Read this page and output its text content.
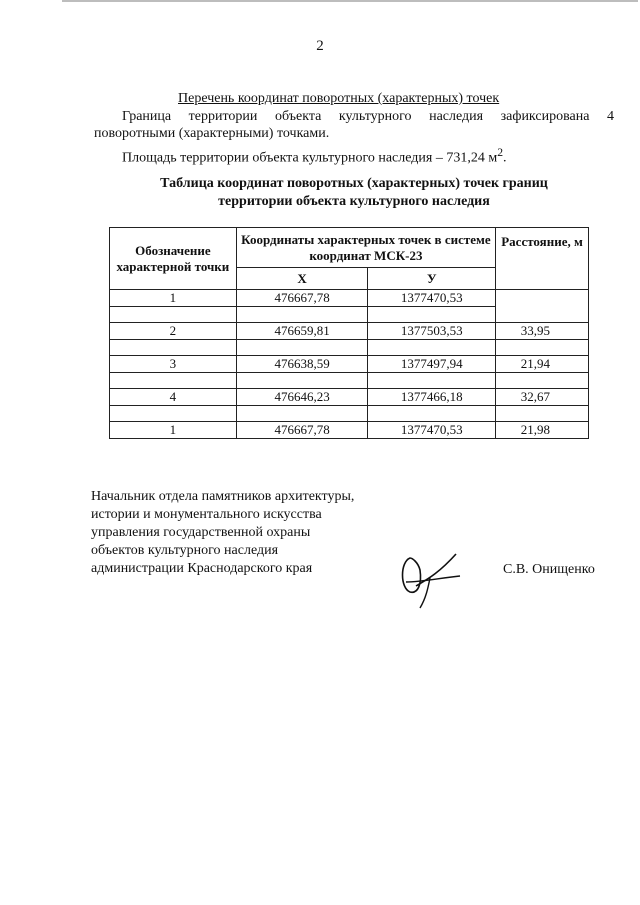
2
Перечень координат поворотных (характерных) точек
Граница территории объекта культурного наследия зафиксирована 4 поворотными (характерными) точками.
Площадь территории объекта культурного наследия – 731,24 $м^2$.
Таблица координат поворотных (характерных) точек границ
территории объекта культурного наследия
Обозначение характерной точки	Координаты характерных точек в системе координат МСК-23		Расстояние, м
	X	У	
1	476667,78	1377470,53	

2	476659,81	1377503,53	33,95

3	476638,59	1377497,94	21,94

4	476646,23	1377466,18	32,67

1	476667,78	1377470,53	21,98
Начальник отдела памятников архитектуры,
истории и монументального искусства
управления государственной охраны
объектов культурного наследия
администрации Краснодарского края	С.В. Онищенко
